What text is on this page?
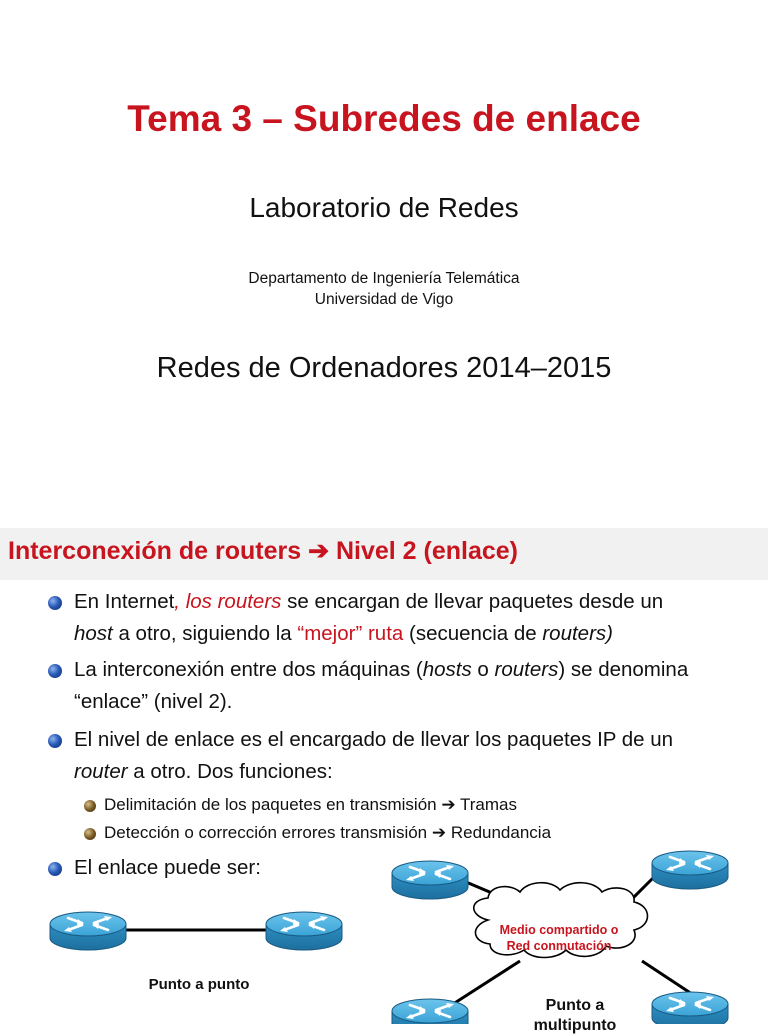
Tema 3 – Subredes de enlace
Laboratorio de Redes
Departamento de Ingeniería Telemática
Universidad de Vigo
Redes de Ordenadores 2014–2015
Interconexión de routers ➔ Nivel 2 (enlace)
En Internet, los routers se encargan de llevar paquetes desde un
host a otro, siguiendo la “mejor” ruta (secuencia de routers)
La interconexión entre dos máquinas (hosts o routers) se denomina
“enlace” (nivel 2).
El nivel de enlace es el encargado de llevar los paquetes IP de un
router a otro. Dos funciones:
Delimitación de los paquetes en transmisión ➔ Tramas
Detección o corrección errores transmisión ➔ Redundancia
El enlace puede ser:
Punto a punto
Medio compartido o
Red conmutación
Punto a
multipunto
